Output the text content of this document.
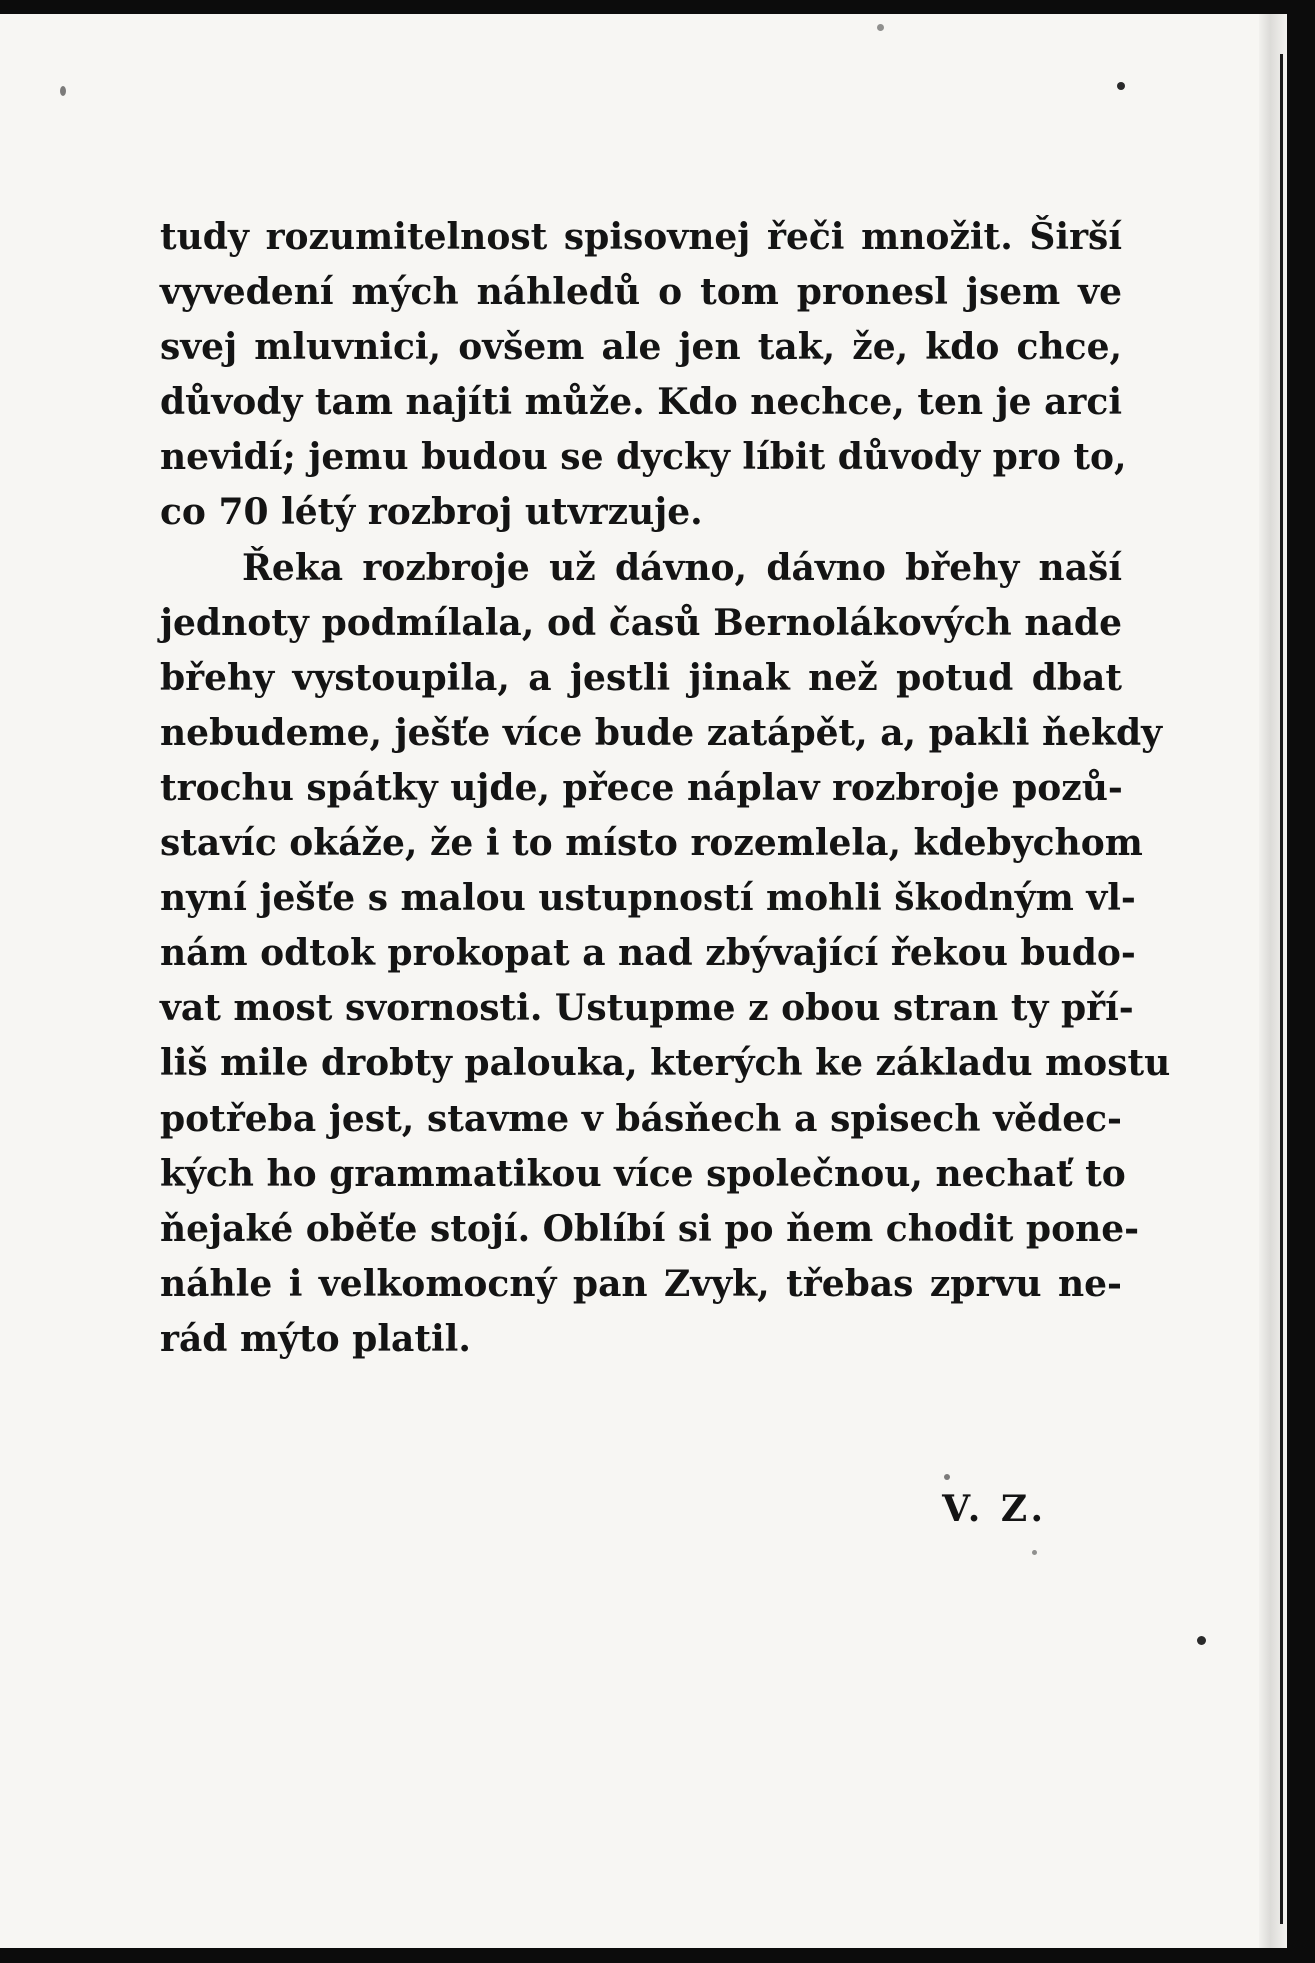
tudy rozumitelnost spisovnej řeči množit. Širší
vyvedení mých náhledů o tom pronesl jsem ve
svej mluvnici, ovšem ale jen tak, že, kdo chce,
důvody tam najíti může. Kdo nechce, ten je arci
nevidí; jemu budou se dycky líbit důvody pro to,
co 70 létý rozbroj utvrzuje.
Řeka rozbroje už dávno, dávno břehy naší
jednoty podmílala, od časů Bernolákových nade
břehy vystoupila, a jestli jinak než potud dbat
nebudeme, ješťe více bude zatápět, a, pakli ňekdy
trochu spátky ujde, přece náplav rozbroje pozů-
stavíc okáže, že i to místo rozemlela, kdebychom
nyní ješťe s malou ustupností mohli škodným vl-
nám odtok prokopat a nad zbývající řekou budo-
vat most svornosti. Ustupme z obou stran ty pří-
liš mile drobty palouka, kterých ke základu mostu
potřeba jest, stavme v básňech a spisech vědec-
kých ho grammatikou více společnou, nechať to
ňejaké oběťe stojí. Oblíbí si po ňem chodit pone-
náhle i velkomocný pan Zvyk, třebas zprvu ne-
rád mýto platil.
V. Z.
